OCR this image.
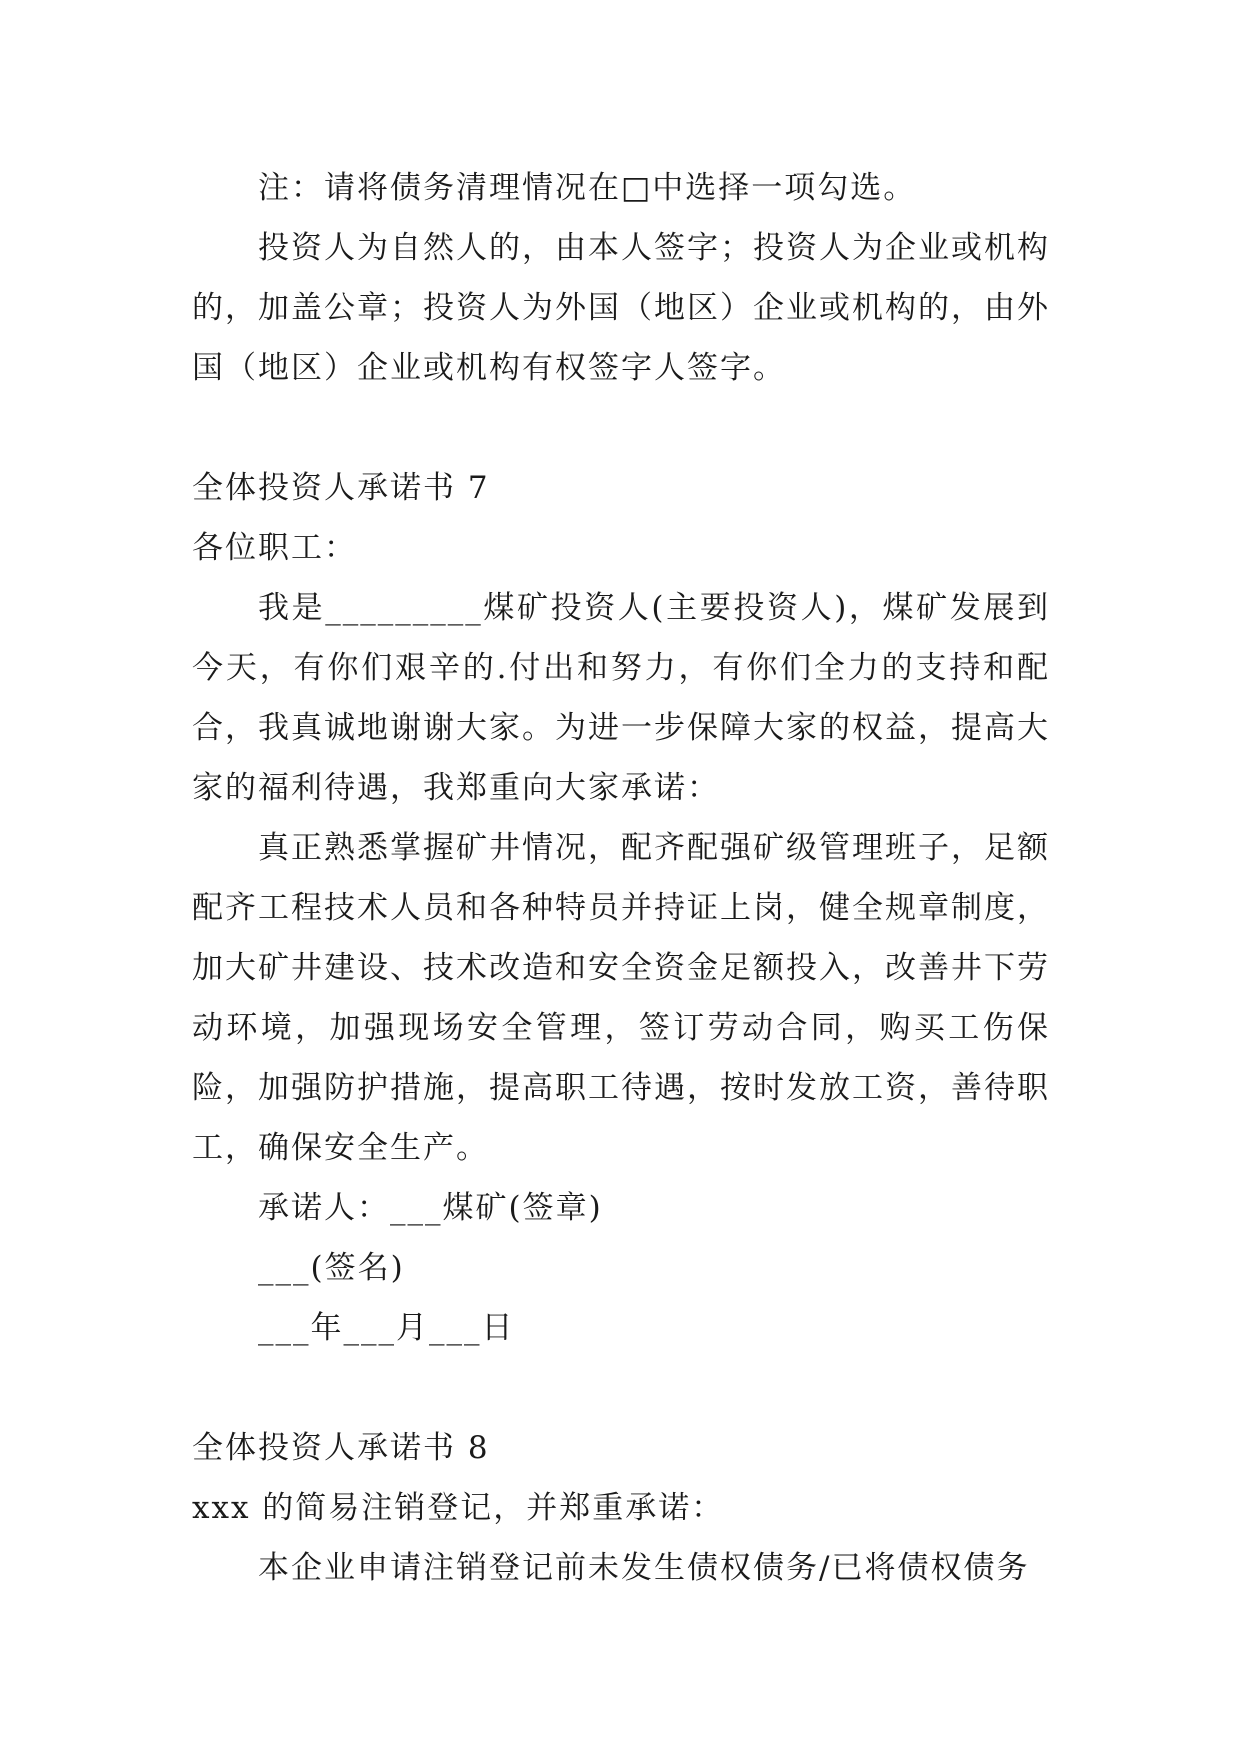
注：请将债务清理情况在□中选择一项勾选。

投资人为自然人的，由本人签字；投资人为企业或机构的，加盖公章；投资人为外国（地区）企业或机构的，由外国（地区）企业或机构有权签字人签字。

全体投资人承诺书 7

各位职工：

我是_________煤矿投资人(主要投资人)，煤矿发展到今天，有你们艰辛的.付出和努力，有你们全力的支持和配合，我真诚地谢谢大家。为进一步保障大家的权益，提高大家的福利待遇，我郑重向大家承诺：

真正熟悉掌握矿井情况，配齐配强矿级管理班子，足额配齐工程技术人员和各种特员并持证上岗，健全规章制度，加大矿井建设、技术改造和安全资金足额投入，改善井下劳动环境，加强现场安全管理，签订劳动合同，购买工伤保险，加强防护措施，提高职工待遇，按时发放工资，善待职工，确保安全生产。

承诺人：___煤矿(签章)

___(签名)

___年___月___日

全体投资人承诺书 8

xxx 的简易注销登记，并郑重承诺：

本企业申请注销登记前未发生债权债务/已将债权债务
